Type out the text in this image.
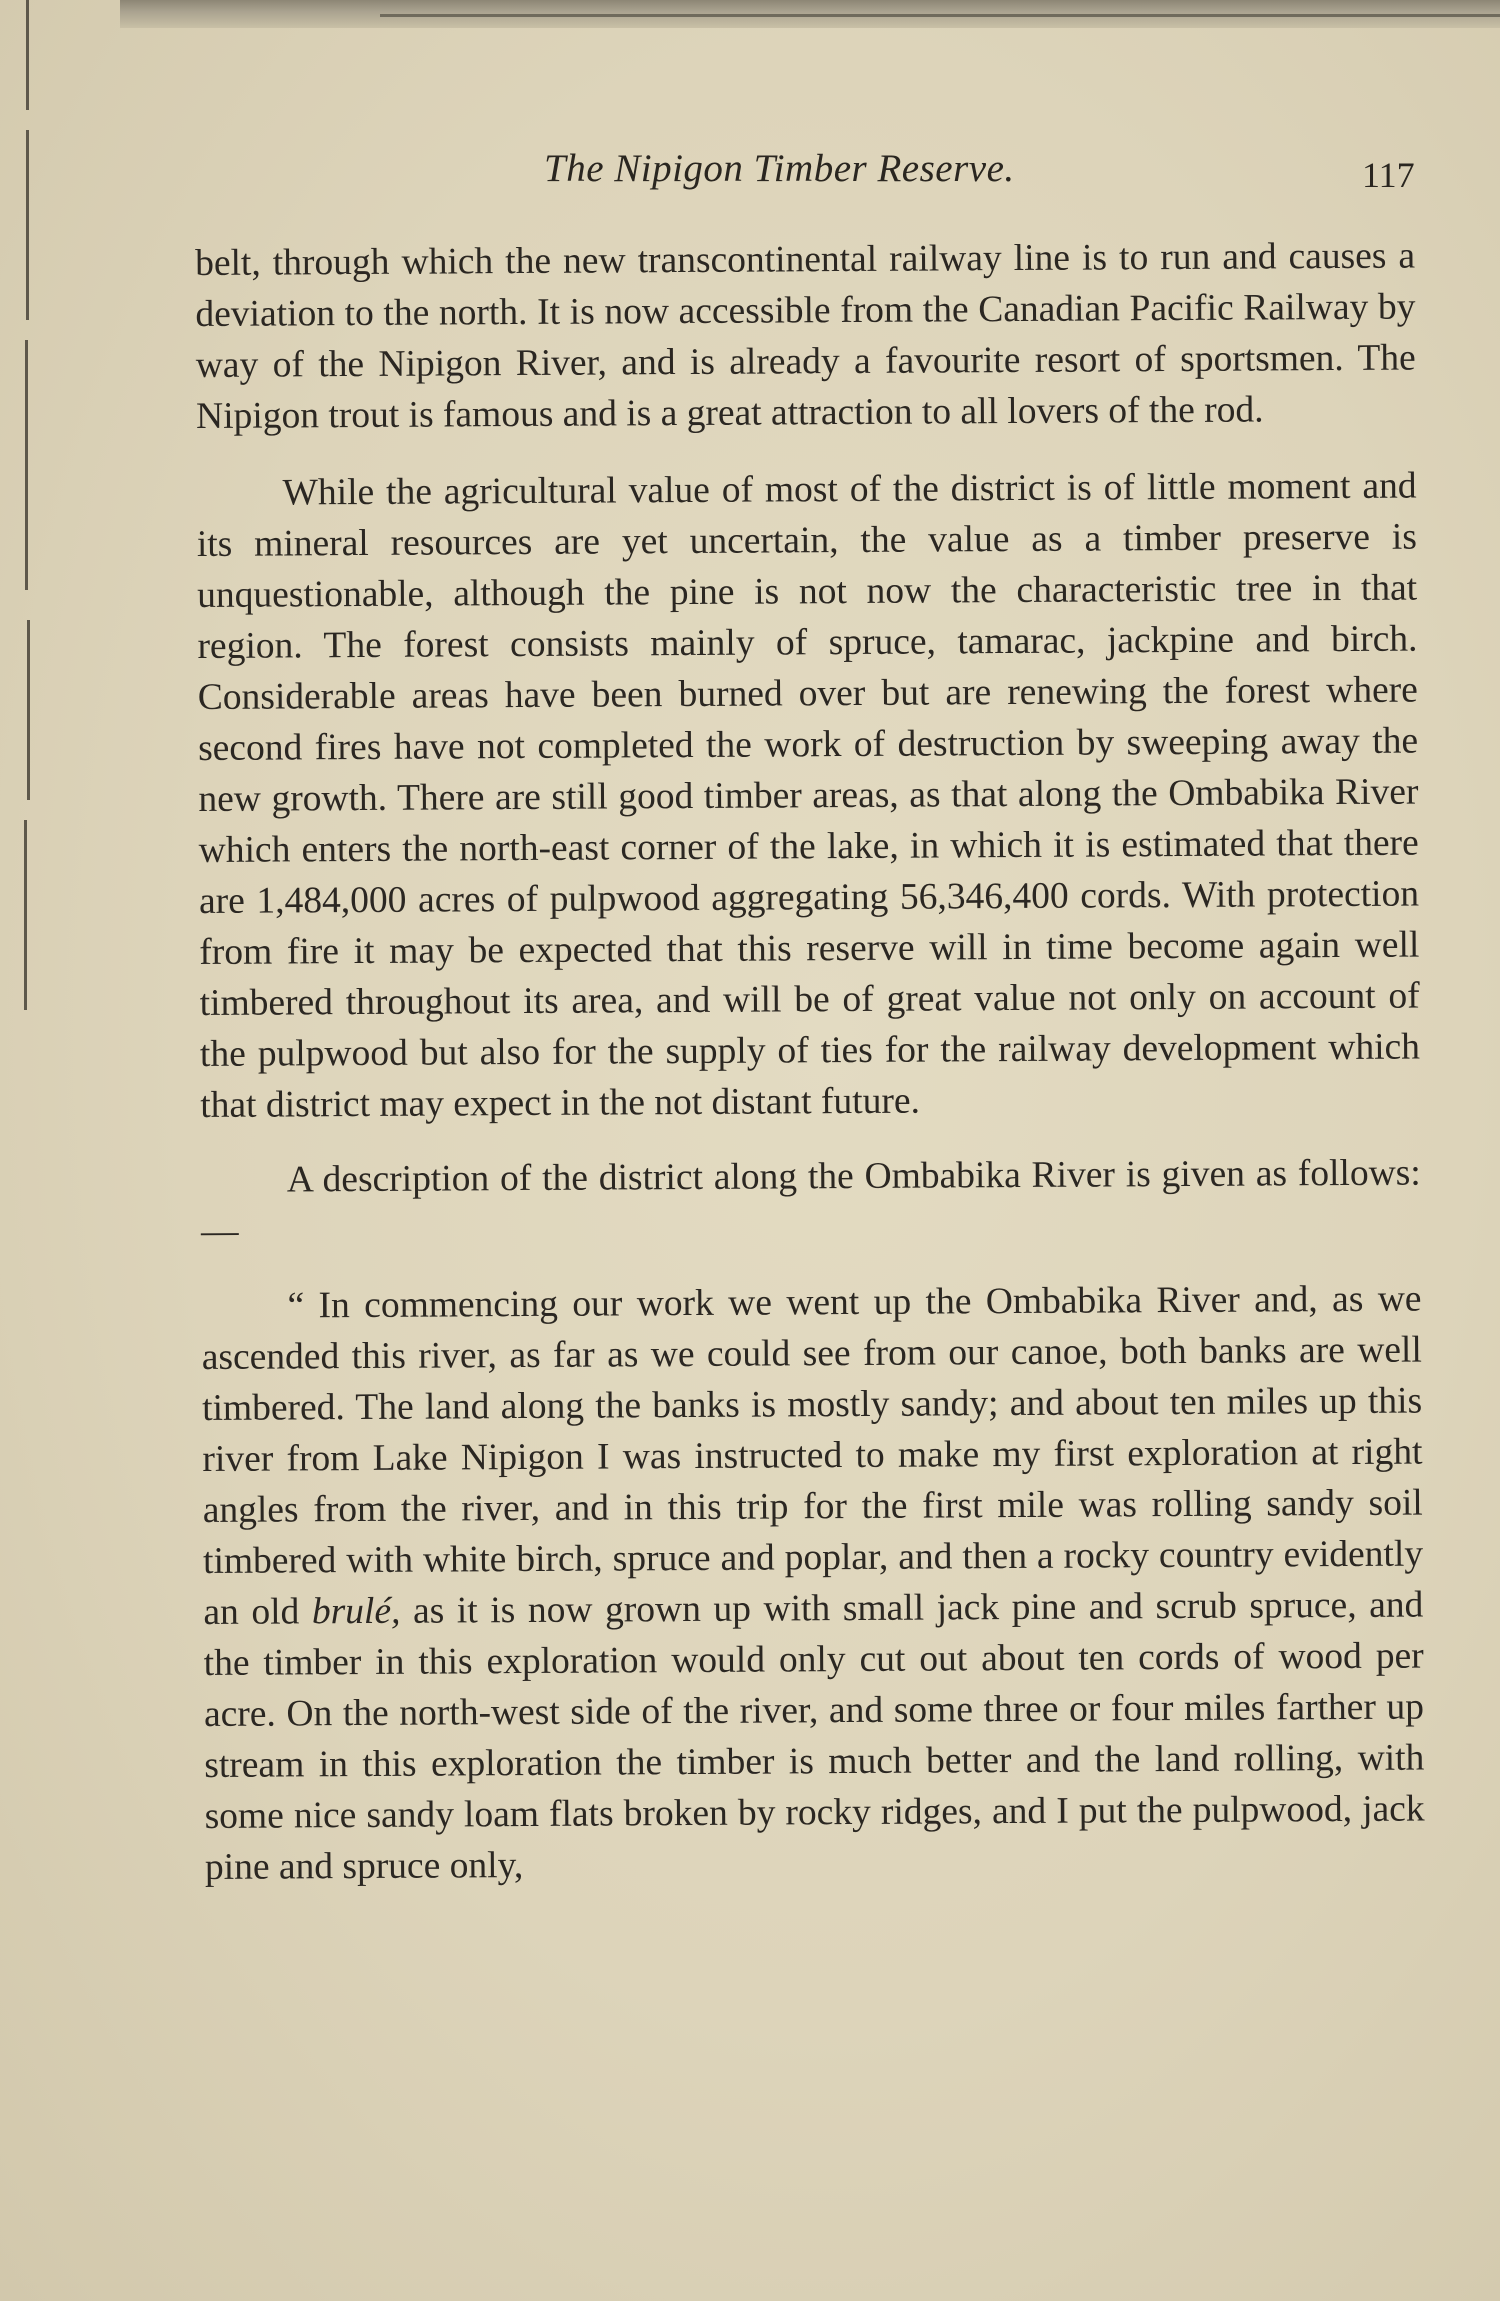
The Nipigon Timber Reserve.	117

belt, through which the new transcontinental railway line is to run and causes a deviation to the north. It is now accessible from the Canadian Pacific Railway by way of the Nipigon River, and is already a favourite resort of sportsmen. The Nipigon trout is famous and is a great attraction to all lovers of the rod.

While the agricultural value of most of the district is of little moment and its mineral resources are yet uncertain, the value as a timber preserve is unquestionable, although the pine is not now the characteristic tree in that region. The forest consists mainly of spruce, tamarac, jackpine and birch. Considerable areas have been burned over but are renewing the forest where second fires have not completed the work of destruction by sweeping away the new growth. There are still good timber areas, as that along the Ombabika River which enters the north-east corner of the lake, in which it is estimated that there are 1,484,000 acres of pulpwood aggregating 56,346,400 cords. With protection from fire it may be expected that this reserve will in time become again well timbered throughout its area, and will be of great value not only on account of the pulpwood but also for the supply of ties for the railway development which that district may expect in the not distant future.

A description of the district along the Ombabika River is given as follows:—

“ In commencing our work we went up the Ombabika River and, as we ascended this river, as far as we could see from our canoe, both banks are well timbered. The land along the banks is mostly sandy; and about ten miles up this river from Lake Nipigon I was instructed to make my first exploration at right angles from the river, and in this trip for the first mile was rolling sandy soil timbered with white birch, spruce and poplar, and then a rocky country evidently an old brulé, as it is now grown up with small jack pine and scrub spruce, and the timber in this exploration would only cut out about ten cords of wood per acre. On the north-west side of the river, and some three or four miles farther up stream in this exploration the timber is much better and the land rolling, with some nice sandy loam flats broken by rocky ridges, and I put the pulpwood, jack pine and spruce only,
